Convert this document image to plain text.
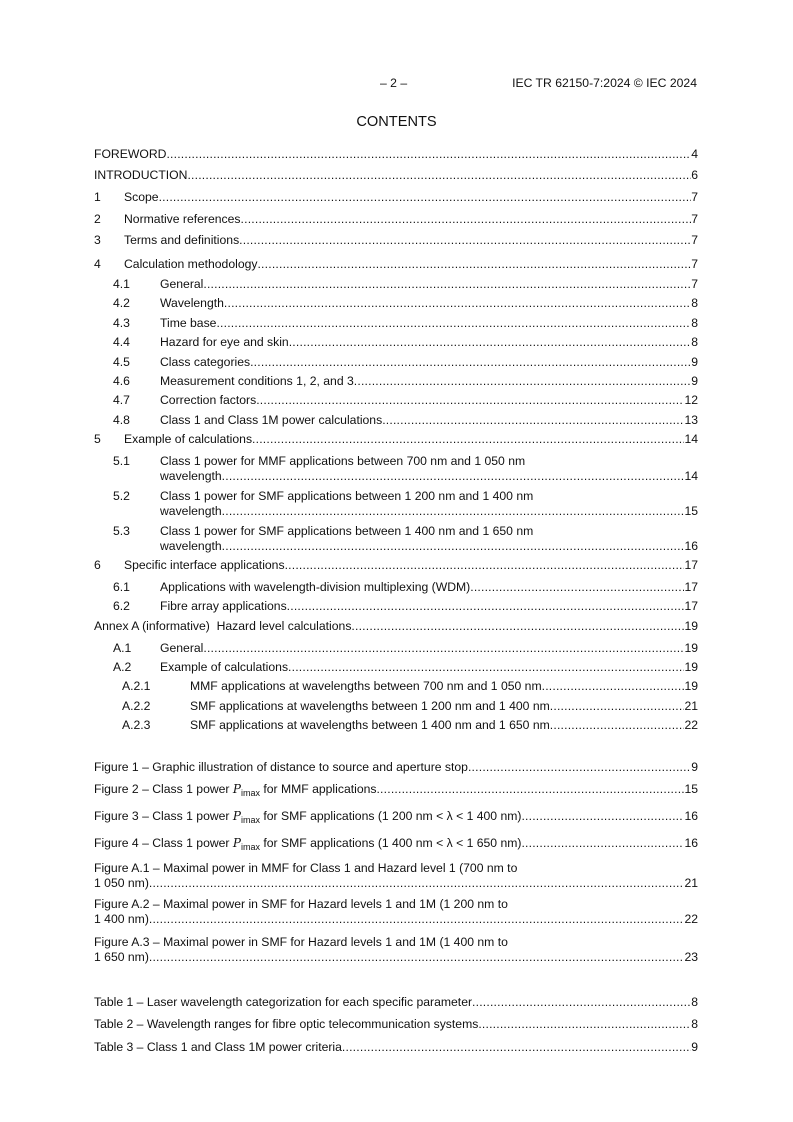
– 2 –	IEC TR 62150-7:2024 © IEC 2024
CONTENTS
FOREWORD .....	4
INTRODUCTION .....	6
1	Scope .....	7
2	Normative references .....	7
3	Terms and definitions .....	7
4	Calculation methodology .....	7
4.1	General .....	7
4.2	Wavelength .....	8
4.3	Time base .....	8
4.4	Hazard for eye and skin .....	8
4.5	Class categories .....	9
4.6	Measurement conditions 1, 2, and 3 .....	9
4.7	Correction factors .....	12
4.8	Class 1 and Class 1M power calculations .....	13
5	Example of calculations .....	14
5.1 Class 1 power for MMF applications between 700 nm and 1 050 nm
wavelength .....	14
5.2 Class 1 power for SMF applications between 1 200 nm and 1 400 nm
wavelength .....	15
5.3 Class 1 power for SMF applications between 1 400 nm and 1 650 nm
wavelength .....	16
6	Specific interface applications .....	17
6.1	Applications with wavelength-division multiplexing (WDM) .....	17
6.2	Fibre array applications .....	17
Annex A (informative)  Hazard level calculations .....	19
A.1	General .....	19
A.2	Example of calculations .....	19
A.2.1	MMF applications at wavelengths between 700 nm and 1 050 nm .....	19
A.2.2	SMF applications at wavelengths between 1 200 nm and 1 400 nm .....	21
A.2.3	SMF applications at wavelengths between 1 400 nm and 1 650 nm .....	22
Figure 1 – Graphic illustration of distance to source and aperture stop .....	9
Figure 2 – Class 1 power $P_{imax}$ for MMF applications .....	15
Figure 3 – Class 1 power $P_{imax}$ for SMF applications (1 200 nm < λ < 1 400 nm) .....	16
Figure 4 – Class 1 power $P_{imax}$ for SMF applications (1 400 nm < λ < 1 650 nm) .....	16
Figure A.1 – Maximal power in MMF for Class 1 and Hazard level 1 (700 nm to
1 050 nm) .....	21
Figure A.2 – Maximal power in SMF for Hazard levels 1 and 1M (1 200 nm to
1 400 nm) .....	22
Figure A.3 – Maximal power in SMF for Hazard levels 1 and 1M (1 400 nm to
1 650 nm) .....	23
Table 1 – Laser wavelength categorization for each specific parameter .....	8
Table 2 – Wavelength ranges for fibre optic telecommunication systems .....	8
Table 3 – Class 1 and Class 1M power criteria .....	9
